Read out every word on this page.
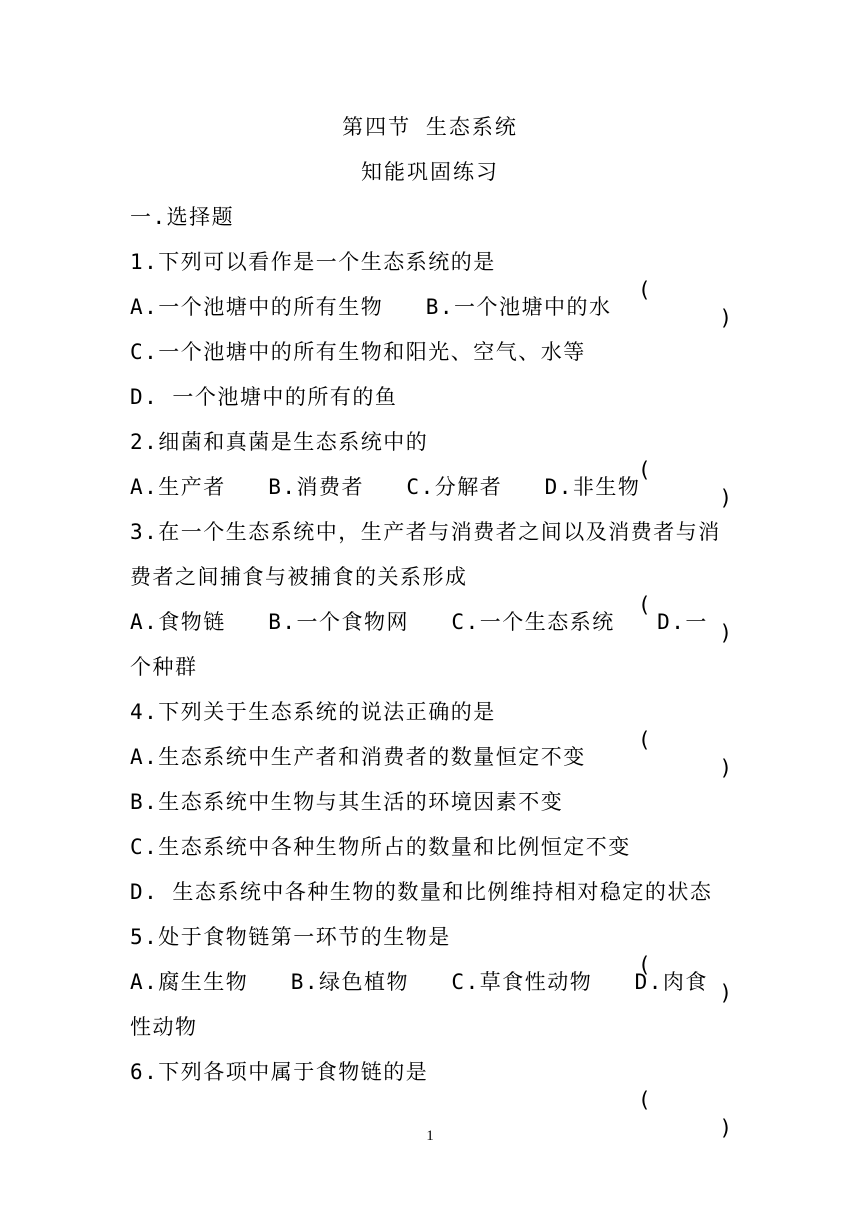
第四节 生态系统
知能巩固练习
一.选择题
1.下列可以看作是一个生态系统的是

(

)

A.一个池塘中的所有生物   B.一个池塘中的水
C.一个池塘中的所有生物和阳光、空气、水等
D. 一个池塘中的所有的鱼
2.细菌和真菌是生态系统中的

(

)

A.生产者   B.消费者   C.分解者   D.非生物
3.在一个生态系统中，生产者与消费者之间以及消费者与消
费者之间捕食与被捕食的关系形成

(

)

A.食物链   B.一个食物网   C.一个生态系统   D.一
个种群
4.下列关于生态系统的说法正确的是

(

)

A.生态系统中生产者和消费者的数量恒定不变
B.生态系统中生物与其生活的环境因素不变
C.生态系统中各种生物所占的数量和比例恒定不变
D. 生态系统中各种生物的数量和比例维持相对稳定的状态
5.处于食物链第一环节的生物是

(

)

A.腐生生物   B.绿色植物   C.草食性动物   D.肉食
性动物
6.下列各项中属于食物链的是

(

)

1
